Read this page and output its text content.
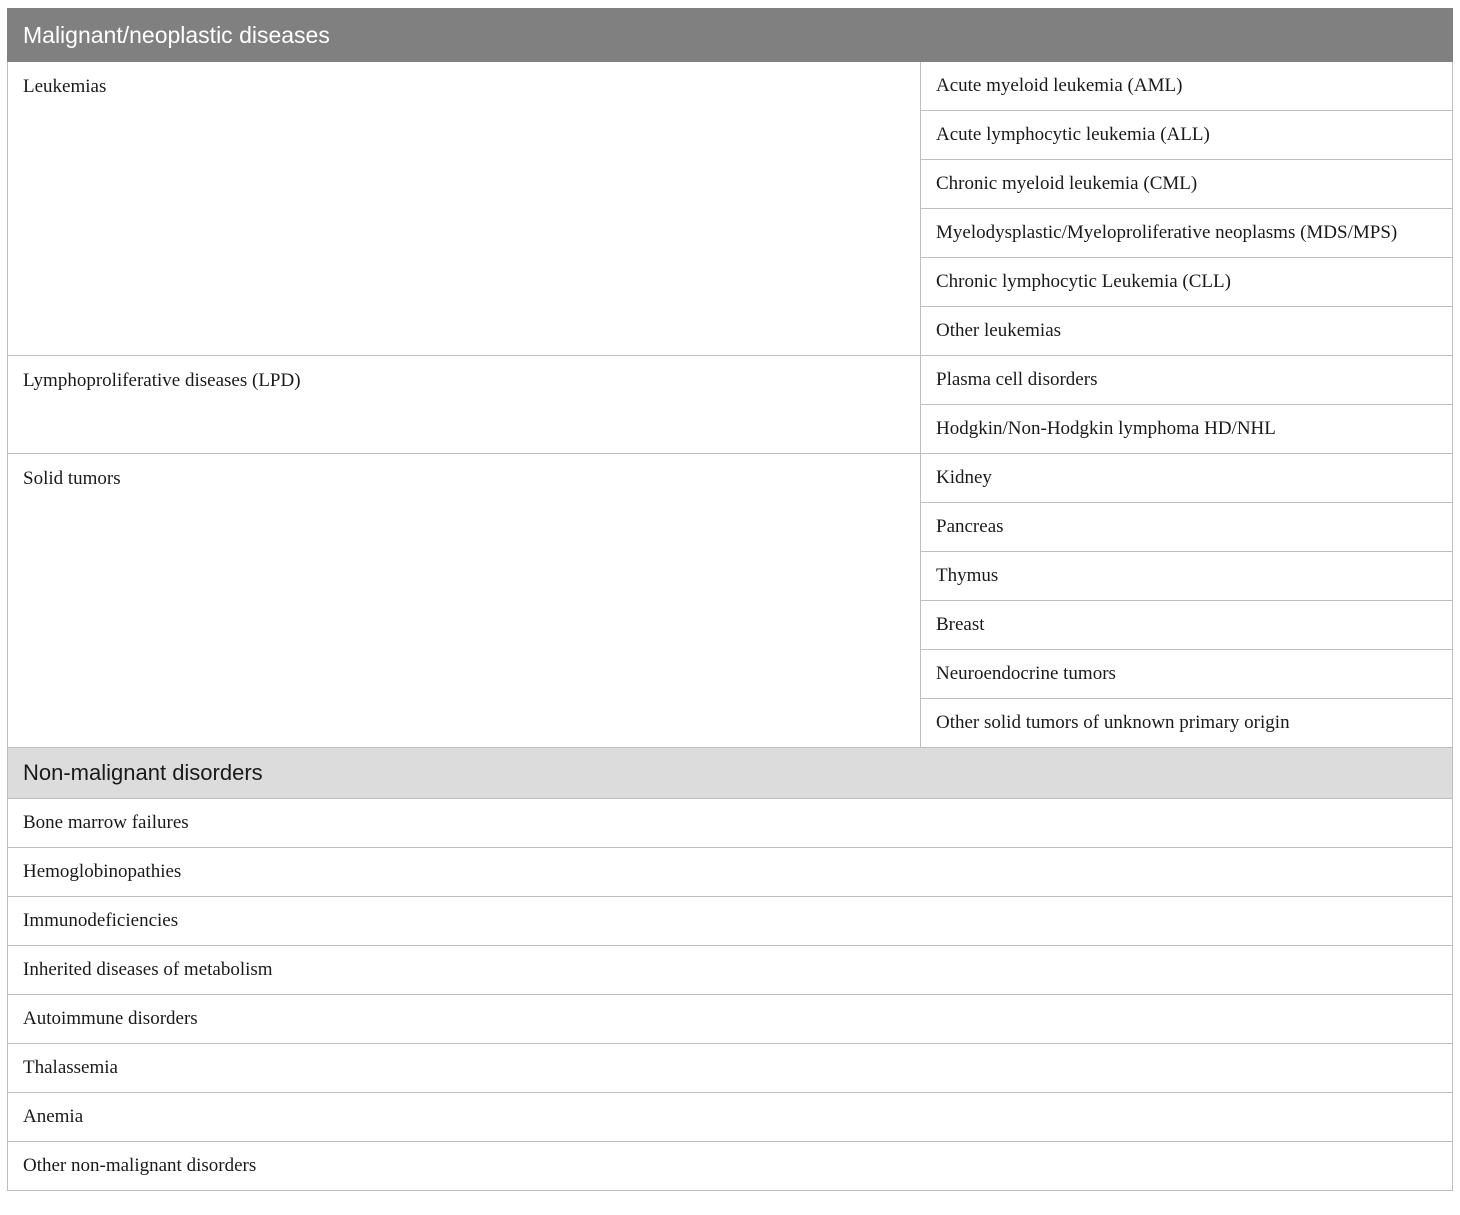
Malignant/neoplastic diseases	
Leukemias	Acute myeloid leukemia (AML)
	Acute lymphocytic leukemia (ALL)
	Chronic myeloid leukemia (CML)
	Myelodysplastic/Myeloproliferative neoplasms (MDS/MPS)
	Chronic lymphocytic Leukemia (CLL)
	Other leukemias
Lymphoproliferative diseases (LPD)	Plasma cell disorders
	Hodgkin/Non-Hodgkin lymphoma HD/NHL
Solid tumors	Kidney
	Pancreas
	Thymus
	Breast
	Neuroendocrine tumors
	Other solid tumors of unknown primary origin
Non-malignant disorders	
Bone marrow failures	
Hemoglobinopathies	
Immunodeficiencies	
Inherited diseases of metabolism	
Autoimmune disorders	
Thalassemia	
Anemia	
Other non-malignant disorders	
